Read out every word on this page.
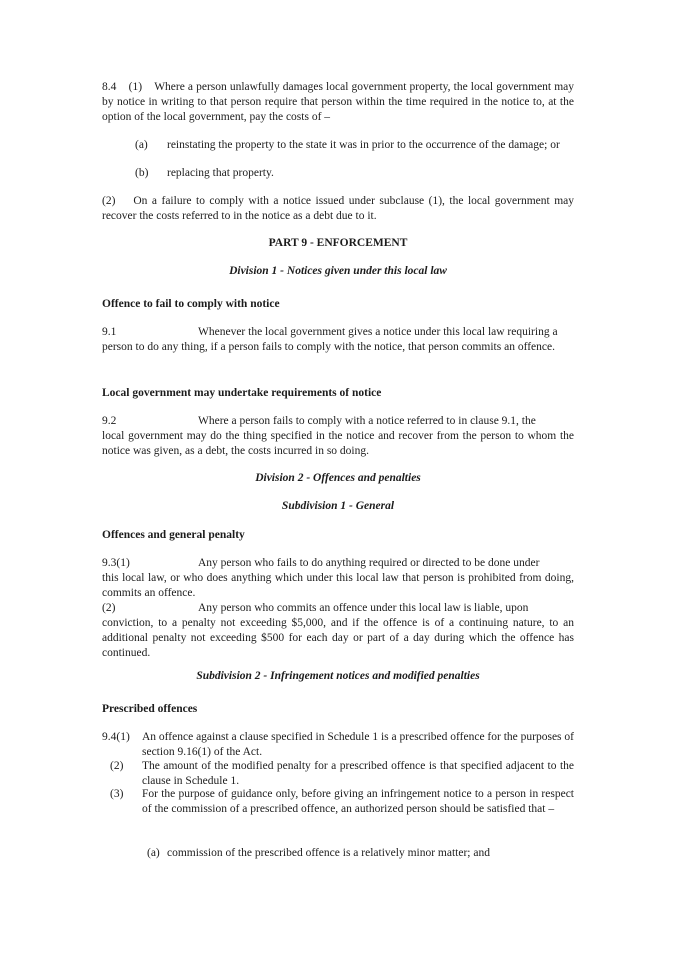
8.4    (1)    Where a person unlawfully damages local government property, the local government may by notice in writing to that person require that person within the time required in the notice to, at the option of the local government, pay the costs of –

(a)	reinstating the property to the state it was in prior to the occurrence of the damage; or
(b)	replacing that property.

(2)    On a failure to comply with a notice issued under subclause (1), the local government may recover the costs referred to in the notice as a debt due to it.

PART 9 - ENFORCEMENT
Division 1 - Notices given under this local law
Offence to fail to comply with notice
9.1	Whenever the local government gives a notice under this local law requiring a

person to do any thing, if a person fails to comply with the notice, that person commits an offence.

Local government may undertake requirements of notice
9.2	Where a person fails to comply with a notice referred to in clause 9.1, the

local government may do the thing specified in the notice and recover from the person to whom the notice was given, as a debt, the costs incurred in so doing.

Division 2 - Offences and penalties
Subdivision 1 - General
Offences and general penalty
9.3(1)	Any person who fails to do anything required or directed to be done under

this local law, or who does anything which under this local law that person is prohibited from doing, commits an offence.

(2)	Any person who commits an offence under this local law is liable, upon

conviction, to a penalty not exceeding $5,000, and if the offence is of a continuing nature, to an additional penalty not exceeding $500 for each day or part of a day during which the offence has continued.

Subdivision 2 - Infringement notices and modified penalties
Prescribed offences
9.4(1)	An offence against a clause specified in Schedule 1 is a prescribed offence for the purposes of section 9.16(1) of the Act.
(2)	The amount of the modified penalty for a prescribed offence is that specified adjacent to the clause in Schedule 1.
(3)	For the purpose of guidance only, before giving an infringement notice to a person in respect of the commission of a prescribed offence, an authorized person should be satisfied that –
(a) commission of the prescribed offence is a relatively minor matter; and
